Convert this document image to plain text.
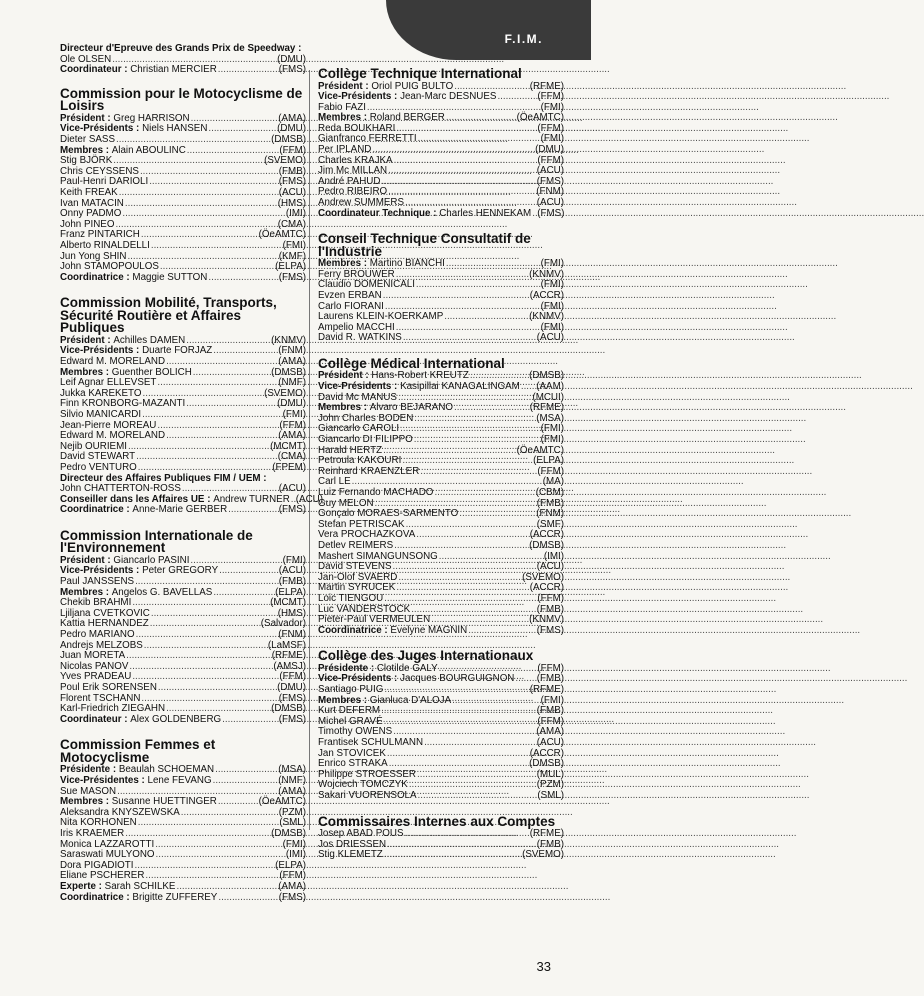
F.I.M.
Directeur d'Epreuve des Grands Prix de Speedway :
Ole OLSEN .....	(DMU)
Coordinateur :
Christian MERCIER .....	(FMS)
Commission pour le Motocyclisme de Loisirs
Président :
Greg HARRISON .....	(AMA)
Vice-Présidents :
Niels HANSEN .....	(DMU)
Dieter SASS .....	(DMSB)
Membres :
Alain ABOULINC .....	(FFM)
Stig BJÖRK .....	(SVEMO)
Chris CEYSSENS .....	(FMB)
Paul-Henri DARIOLI .....	(FMS)
Keith FREAK .....	(ACU)
Ivan MATACIN .....	(HMS)
Onny PADMO .....	(IMI)
John PINEO .....	(CMA)
Franz PINTARICH .....	(ÖeAMTC)
Alberto RINALDELLI .....	(FMI)
Jun Yong SHIN .....	(KMF)
John STAMOPOULOS .....	(ELPA)
Coordinatrice :
Maggie SUTTON .....	(FMS)
Commission Mobilité, Transports, Sécurité Routière et Affaires Publiques
Président :
Achilles DAMEN .....	(KNMV)
Vice-Présidents :
Duarte FORJAZ .....	(FNM)
Edward M. MORELAND .....	(AMA)
Membres :
Guenther BOLICH .....	(DMSB)
Leif Agnar ELLEVSET .....	(NMF)
Jukka KAREKETO .....	(SVEMO)
Finn KRONBORG-MAZANTI .....	(DMU)
Silvio MANICARDI .....	(FMI)
Jean-Pierre MOREAU .....	(FFM)
Edward M. MORELAND .....	(AMA)
Nejib OURIEMI .....	(MCMT)
David STEWART .....	(CMA)
Pedro VENTURO .....	(FPEM)
Directeur des Affaires Publiques FIM / UEM :
John CHATTERTON-ROSS .....	(ACU)
Conseiller dans les Affaires UE :
Andrew TURNER ..... (ACU)
Coordinatrice :
Anne-Marie GERBER .....	(FMS)
Commission Internationale de l'Environnement
Président :
Giancarlo PASINI .....	(FMI)
Vice-Présidents :
Peter GREGORY .....	(ACU)
Paul JANSSENS .....	(FMB)
Membres :
Angelos G. BAVELLAS .....	(ELPA)
Chekib BRAHMI .....	(MCMT)
Ljiljana CVETKOVIC .....	(HMS)
Kattia HERNANDEZ .....	(Salvador)
Pedro MARIANO .....	(FNM)
Andrejs MELZOBS .....	(LaMSF)
Juan MORETA .....	(RFME)
Nicolas PANOV .....	(AMSJ)
Yves PRADEAU .....	(FFM)
Poul Erik SORENSEN .....	(DMU)
Florent TSCHANN .....	(FMS)
Karl-Friedrich ZIEGAHN .....	(DMSB)
Coordinateur :
Alex GOLDENBERG .....	(FMS)
Commission Femmes et Motocyclisme
Présidente :
Beaulah SCHOEMAN .....	(MSA)
Vice-Présidentes :
Lene FEVANG .....	(NMF)
Sue MASON .....	(AMA)
Membres :
Susanne HUETTINGER .....	(ÖeAMTC)
Aleksandra KNYSZEWSKA .....	(PZM)
Nita KORHONEN .....	(SML)
Iris KRAEMER .....	(DMSB)
Monica LAZZAROTTI .....	(FMI)
Saraswati MULYONO .....	(IMI)
Dora PIGADIOTI .....	(ELPA)
Eliane PSCHERER .....	(FFM)
Experte :
Sarah SCHILKE .....	(AMA)
Coordinatrice :
Brigitte ZUFFEREY .....	(FMS)
Collège Technique International
Président :
Oriol PUIG BULTO .....	(RFME)
Vice-Présidents :
Jean-Marc DESNUES .....	(FFM)
Fabio FAZI .....	(FMI)
Membres :
Roland BERGER .....	(ÖeAMTC)
Reda BOUKHARI .....	(FFM)
Gianfranco FERRETTI .....	(FMI)
Per IPLAND .....	(DMU)
Charles KRAJKA .....	(FFM)
Jim Mc MILLAN .....	(ACU)
André PAHUD .....	(FMS)
Pedro RIBEIRO .....	(FNM)
Andrew SUMMERS .....	(ACU)
Coordinateur Technique :
Charles HENNEKAM ..... (FMS)
Conseil Technique Consultatif de l'Industrie
Membres :
Martino BIANCHI .....	(FMI)
Ferry BROUWER .....	(KNMV)
Claudio DOMENICALI .....	(FMI)
Evzen ERBAN .....	(ACCR)
Carlo FIORANI .....	(FMI)
Laurens KLEIN-KOERKAMP .....	(KNMV)
Ampelio MACCHI .....	(FMI)
David R. WATKINS .....	(ACU)
Collège Médical International
Président :
Hans-Robert KREUTZ .....	(DMSB)
Vice-Présidents :
Kasipillai KANAGALINGAM ..... (AAM)
David Mc MANUS .....	(MCUI)
Membres :
Alvaro BEJARANO .....	(RFME)
John Charles BODEN .....	(MSA)
Giancarlo CAROLI .....	(FMI)
Giancarlo DI FILIPPO .....	(FMI)
Harald HERTZ .....	(ÖeAMTC)
Petroula KAKOURI .....	(ELPA)
Reinhard KRAENZLER .....	(FFM)
Carl LE .....	(MA)
Luiz Fernando MACHADO .....	(CBM)
Guy MELON .....	(FMB)
Gonçalo MORAES-SARMENTO .....	(FNM)
Stefan PETRISCAK .....	(SMF)
Vera PROCHAZKOVA .....	(ACCR)
Detlev REIMERS .....	(DMSB)
Mashert SIMANGUNSONG .....	(IMI)
David STEVENS .....	(ACU)
Jan-Olof SVAERD .....	(SVEMO)
Martin SYRUCEK .....	(ACCR)
Loic TIENGOU .....	(FFM)
Luc VANDERSTOCK .....	(FMB)
Pieter-Paul VERMEULEN .....	(KNMV)
Coordinatrice :
Evelyne MAGNIN .....	(FMS)
Collège des Juges Internationaux
Présidente :
Clotilde GALY .....	(FFM)
Vice-Présidents :
Jacques BOURGUIGNON ..... (FMB)
Santiago PUIG .....	(RFME)
Membres :
Gianluca D'ALOJA .....	(FMI)
Kurt DEFERM .....	(FMB)
Michel GRAVÉ .....	(FFM)
Timothy OWENS .....	(AMA)
Frantisek SCHULMANN .....	(ACU)
Jan STOVICEK .....	(ACCR)
Enrico STRAKA .....	(DMSB)
Philippe STROESSER .....	(MUL)
Wojciech TOMCZYK .....	(PZM)
Sakari VUORENSOLA .....	(SML)
Commissaires Internes aux Comptes
Josep ABAD POUS .....	(RFME)
Jos DRIESSEN .....	(FMB)
Stig KLEMETZ .....	(SVEMO)
33
